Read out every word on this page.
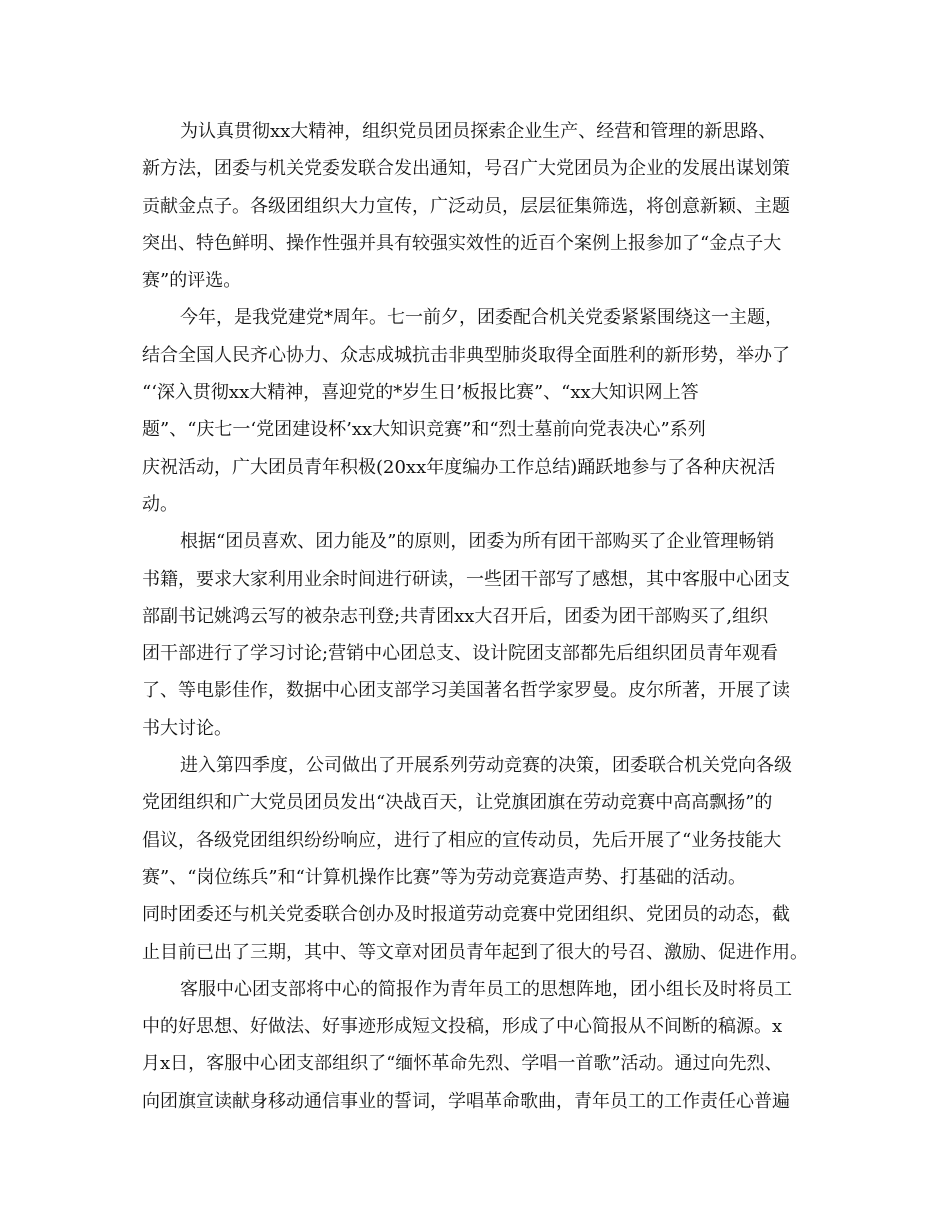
为认真贯彻xx大精神，组织党员团员探索企业生产、经营和管理的新思路、
新方法，团委与机关党委发联合发出通知，号召广大党团员为企业的发展出谋划策
贡献金点子。各级团组织大力宣传，广泛动员，层层征集筛选，将创意新颖、主题
突出、特色鲜明、操作性强并具有较强实效性的近百个案例上报参加了“金点子大
赛”的评选。
今年，是我党建党*周年。七一前夕，团委配合机关党委紧紧围绕这一主题，
结合全国人民齐心协力、众志成城抗击非典型肺炎取得全面胜利的新形势，举办了
“‘深入贯彻xx大精神，喜迎党的*岁生日’板报比赛”、“xx大知识网上答
题”、“庆七一‘党团建设杯’xx大知识竞赛”和“烈士墓前向党表决心”系列
庆祝活动，广大团员青年积极(20xx年度编办工作总结)踊跃地参与了各种庆祝活
动。
根据“团员喜欢、团力能及”的原则，团委为所有团干部购买了企业管理畅销
书籍，要求大家利用业余时间进行研读，一些团干部写了感想，其中客服中心团支
部副书记姚鸿云写的被杂志刊登;共青团xx大召开后，团委为团干部购买了,组织
团干部进行了学习讨论;营销中心团总支、设计院团支部都先后组织团员青年观看
了、等电影佳作，数据中心团支部学习美国著名哲学家罗曼。皮尔所著，开展了读
书大讨论。
进入第四季度，公司做出了开展系列劳动竞赛的决策，团委联合机关党向各级
党团组织和广大党员团员发出“决战百天，让党旗团旗在劳动竞赛中高高飘扬”的
倡议，各级党团组织纷纷响应，进行了相应的宣传动员，先后开展了“业务技能大
赛”、“岗位练兵”和“计算机操作比赛”等为劳动竞赛造声势、打基础的活动。
同时团委还与机关党委联合创办及时报道劳动竞赛中党团组织、党团员的动态，截
止目前已出了三期，其中、等文章对团员青年起到了很大的号召、激励、促进作用。
客服中心团支部将中心的简报作为青年员工的思想阵地，团小组长及时将员工
中的好思想、好做法、好事迹形成短文投稿，形成了中心简报从不间断的稿源。x
月x日，客服中心团支部组织了“缅怀革命先烈、学唱一首歌”活动。通过向先烈、
向团旗宣读献身移动通信事业的誓词，学唱革命歌曲，青年员工的工作责任心普遍
